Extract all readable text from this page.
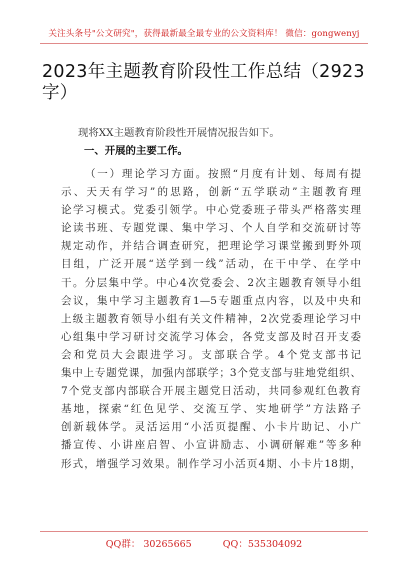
关注头条号"公文研究"，获得最新最全最专业的公文资料库！ 微信：gongwenyj
2023年主题教育阶段性工作总结（2923字）
现将XX主题教育阶段性开展情况报告如下。
一、开展的主要工作。
（一）理论学习方面。按照“月度有计划、每周有提
示、天天有学习”的思路，创新“五学联动”主题教育理
论学习模式。党委引领学。中心党委班子带头严格落实理
论读书班、专题党课、集中学习、个人自学和交流研讨等
规定动作，并结合调查研究，把理论学习课堂搬到野外项
目组，广泛开展“送学到一线”活动，在干中学、在学中
干。分层集中学。中心4次党委会、2次主题教育领导小组
会议，集中学习主题教育1—5专题重点内容，以及中央和
上级主题教育领导小组有关文件精神，2次党委理论学习中
心组集中学习研讨交流学习体会，各党支部及时召开支委
会和党员大会跟进学习。支部联合学。4个党支部书记
集中上专题党课，加强内部联学；3个党支部与驻地党组织、
7个党支部内部联合开展主题党日活动，共同参观红色教育
基地，探索“红色见学、交流互学、实地研学”方法路子
创新载体学。灵活运用“小活页提醒、小卡片助记、小广
播宣传、小讲座启智、小宣讲励志、小调研解难”等多种
形式，增强学习效果。制作学习小活页4期、小卡片18期，
QQ群： 30265665	QQ：535304092
